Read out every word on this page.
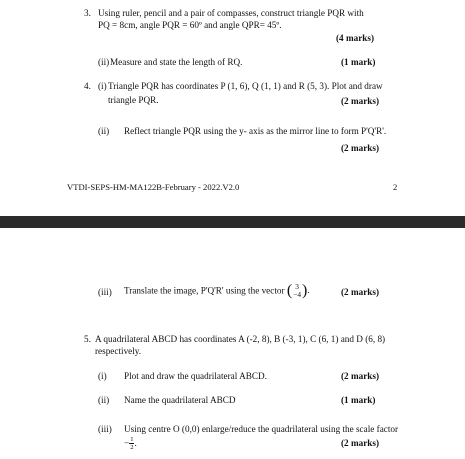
3. Using ruler, pencil and a pair of compasses, construct triangle PQR with
PQ = 8cm, angle PQR = 60º and angle QPR= 45º.
(4 marks)
(ii) Measure and state the length of RQ.	(1 mark)
4. (i) Triangle PQR has coordinates P (1, 6), Q (1, 1) and R (5, 3). Plot and draw
triangle PQR.	(2 marks)
(ii) Reflect triangle PQR using the y- axis as the mirror line to form P'Q'R'.
(2 marks)
VTDI-SEPS-HM-MA122B-February - 2022.V2.0	2
(iii) Translate the image, P'Q'R' using the vector ( 3
−4 ).	(2 marks)
5. A quadrilateral ABCD has coordinates A (-2, 8), B (-3, 1), C (6, 1) and D (6, 8)
respectively.
(i) Plot and draw the quadrilateral ABCD.	(2 marks)
(ii) Name the quadrilateral ABCD	(1 mark)
(iii) Using centre O (0,0) enlarge/reduce the quadrilateral using the scale factor
− $\frac{1}{2}$ .	(2 marks)
